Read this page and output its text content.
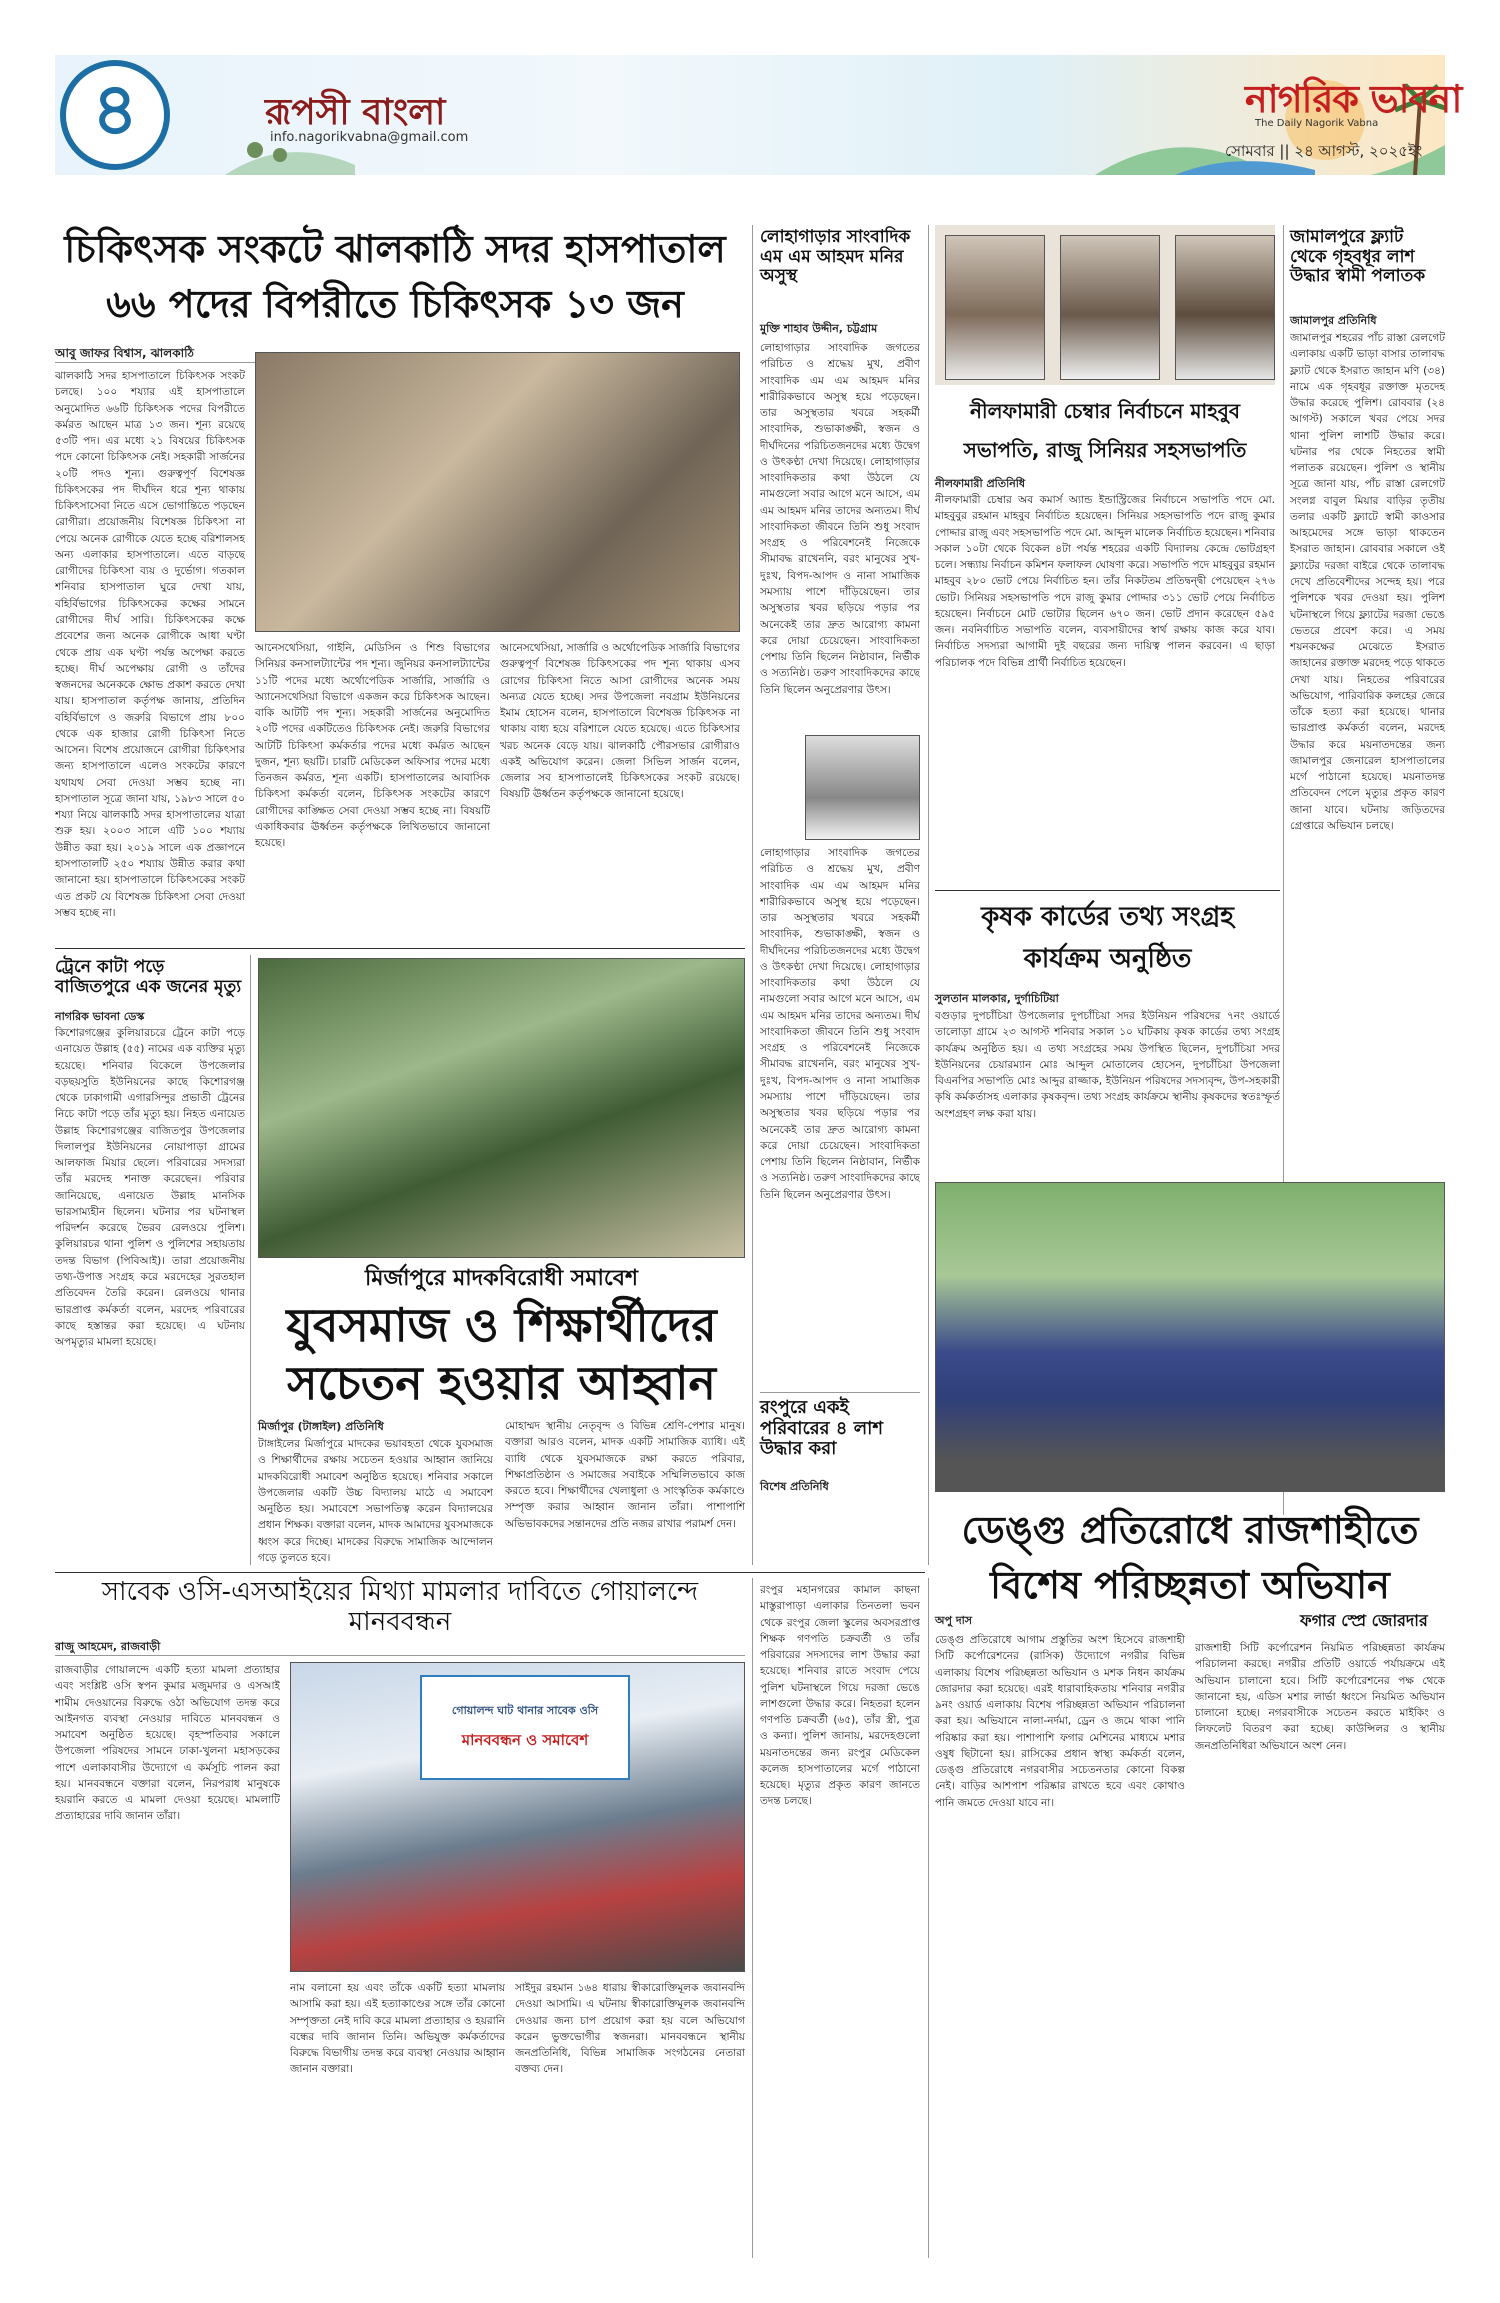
৪	রূপসী বাংলা
info.nagorikvabna@gmail.com
নাগরিক ভাবনা
The Daily Nagorik Vabna
সোমবার || ২৪ আগস্ট, ২০২৫ইং
চিকিৎসক সংকটে ঝালকাঠি সদর হাসপাতাল
৬৬ পদের বিপরীতে চিকিৎসক ১৩ জন
আবু জাফর বিশ্বাস, ঝালকাঠি
ঝালকাঠি সদর হাসপাতালে চিকিৎসক সংকট চলছে। ১০০ শয্যার এই হাসপাতালে অনুমোদিত ৬৬টি চিকিৎসক পদের বিপরীতে কর্মরত আছেন মাত্র ১৩ জন। শূন্য রয়েছে ৫৩টি পদ। এর মধ্যে ২১ বিষয়ের চিকিৎসক পদে কোনো চিকিৎসক নেই। সহকারী সার্জনের ২০টি পদও শূন্য। গুরুত্বপূর্ণ বিশেষজ্ঞ চিকিৎসকের পদ দীর্ঘদিন ধরে শূন্য থাকায় চিকিৎসাসেবা নিতে এসে ভোগান্তিতে পড়ছেন রোগীরা। প্রয়োজনীয় বিশেষজ্ঞ চিকিৎসা না পেয়ে অনেক রোগীকে যেতে হচ্ছে বরিশালসহ অন্য এলাকার হাসপাতালে। এতে বাড়ছে রোগীদের চিকিৎসা ব্যয় ও দুর্ভোগ। গতকাল শনিবার হাসপাতাল ঘুরে দেখা যায়, বহির্বিভাগের চিকিৎসকের কক্ষের সামনে রোগীদের দীর্ঘ সারি। চিকিৎসকের কক্ষে প্রবেশের জন্য অনেক রোগীকে আধা ঘণ্টা থেকে প্রায় এক ঘণ্টা পর্যন্ত অপেক্ষা করতে হচ্ছে। দীর্ঘ অপেক্ষায় রোগী ও তাঁদের স্বজনদের অনেককে ক্ষোভ প্রকাশ করতে দেখা যায়। হাসপাতাল কর্তৃপক্ষ জানায়, প্রতিদিন বহির্বিভাগে ও জরুরি বিভাগে প্রায় ৮০০ থেকে এক হাজার রোগী চিকিৎসা নিতে আসেন। বিশেষ প্রয়োজনে রোগীরা চিকিৎসার জন্য হাসপাতালে এলেও সংকটের কারণে যথাযথ সেবা দেওয়া সম্ভব হচ্ছে না। হাসপাতাল সূত্রে জানা যায়, ১৯৮৩ সালে ৫০ শয্যা নিয়ে ঝালকাঠি সদর হাসপাতালের যাত্রা শুরু হয়। ২০০৩ সালে এটি ১০০ শয্যায় উন্নীত করা হয়। ২০১৯ সালে এক প্রজ্ঞাপনে হাসপাতালটি ২৫০ শয্যায় উন্নীত করার কথা জানানো হয়। হাসপাতালে চিকিৎসকের সংকট এত প্রকট যে বিশেষজ্ঞ চিকিৎসা সেবা দেওয়া সম্ভব হচ্ছে না।
আনেসথেসিয়া, গাইনি, মেডিসিন ও শিশু বিভাগের সিনিয়র কনসালট্যান্টের পদ শূন্য। জুনিয়র কনসালট্যান্টের ১১টি পদের মধ্যে অর্থোপেডিক সার্জারি, সার্জারি ও অ্যানেসথেসিয়া বিভাগে একজন করে চিকিৎসক আছেন। বাকি আটটি পদ শূন্য। সহকারী সার্জনের অনুমোদিত ২০টি পদের একটিতেও চিকিৎসক নেই। জরুরি বিভাগের আটটি চিকিৎসা কর্মকর্তার পদের মধ্যে কর্মরত আছেন দুজন, শূন্য ছয়টি। চারটি মেডিকেল অফিসার পদের মধ্যে তিনজন কর্মরত, শূন্য একটি। হাসপাতালের আবাসিক চিকিৎসা কর্মকর্তা বলেন, চিকিৎসক সংকটের কারণে রোগীদের কাঙ্ক্ষিত সেবা দেওয়া সম্ভব হচ্ছে না। বিষয়টি একাধিকবার ঊর্ধ্বতন কর্তৃপক্ষকে লিখিতভাবে জানানো হয়েছে।
আনেসথেসিয়া, সার্জারি ও অর্থোপেডিক সার্জারি বিভাগের গুরুত্বপূর্ণ বিশেষজ্ঞ চিকিৎসকের পদ শূন্য থাকায় এসব রোগের চিকিৎসা নিতে আসা রোগীদের অনেক সময় অন্যত্র যেতে হচ্ছে। সদর উপজেলা নবগ্রাম ইউনিয়নের ইমাম হোসেন বলেন, হাসপাতালে বিশেষজ্ঞ চিকিৎসক না থাকায় বাধ্য হয়ে বরিশালে যেতে হয়েছে। এতে চিকিৎসার খরচ অনেক বেড়ে যায়। ঝালকাঠি পৌরসভার রোগীরাও একই অভিযোগ করেন। জেলা সিভিল সার্জন বলেন, জেলার সব হাসপাতালেই চিকিৎসকের সংকট রয়েছে। বিষয়টি ঊর্ধ্বতন কর্তৃপক্ষকে জানানো হয়েছে।
ট্রেনে কাটা পড়ে বাজিতপুরে এক জনের মৃত্যু
নাগরিক ভাবনা ডেস্ক
কিশোরগঞ্জের কুলিয়ারচরে ট্রেনে কাটা পড়ে এনায়েত উল্লাহ (৫৫) নামের এক ব্যক্তির মৃত্যু হয়েছে। শনিবার বিকেলে উপজেলার বড়ছয়সুতি ইউনিয়নের কাছে কিশোরগঞ্জ থেকে ঢাকাগামী এগারসিন্দুর প্রভাতী ট্রেনের নিচে কাটা পড়ে তাঁর মৃত্যু হয়। নিহত এনায়েত উল্লাহ কিশোরগঞ্জের বাজিতপুর উপজেলার দিলালপুর ইউনিয়নের নোয়াপাড়া গ্রামের আলফাজ মিয়ার ছেলে। পরিবারের সদস্যরা তাঁর মরদেহ শনাক্ত করেছেন। পরিবার জানিয়েছে, এনায়েত উল্লাহ মানসিক ভারসাম্যহীন ছিলেন। ঘটনার পর ঘটনাস্থল পরিদর্শন করেছে ভৈরব রেলওয়ে পুলিশ। কুলিয়ারচর থানা পুলিশ ও পুলিশের সহায়তায় তদন্ত বিভাগ (পিবিআই)। তারা প্রয়োজনীয় তথ্য-উপাত্ত সংগ্রহ করে মরদেহের সুরতহাল প্রতিবেদন তৈরি করেন। রেলওয়ে থানার ভারপ্রাপ্ত কর্মকর্তা বলেন, মরদেহ পরিবারের কাছে হস্তান্তর করা হয়েছে। এ ঘটনায় অপমৃত্যুর মামলা হয়েছে।
মির্জাপুরে মাদকবিরোধী সমাবেশ
যুবসমাজ ও শিক্ষার্থীদের
সচেতন হওয়ার আহ্বান
মির্জাপুর (টাঙ্গাইল) প্রতিনিধি
টাঙ্গাইলের মির্জাপুরে মাদকের ভয়াবহতা থেকে যুবসমাজ ও শিক্ষার্থীদের রক্ষায় সচেতন হওয়ার আহ্বান জানিয়ে মাদকবিরোধী সমাবেশ অনুষ্ঠিত হয়েছে। শনিবার সকালে উপজেলার একটি উচ্চ বিদ্যালয় মাঠে এ সমাবেশ অনুষ্ঠিত হয়। সমাবেশে সভাপতিত্ব করেন বিদ্যালয়ের প্রধান শিক্ষক। বক্তারা বলেন, মাদক আমাদের যুবসমাজকে ধ্বংস করে দিচ্ছে। মাদকের বিরুদ্ধে সামাজিক আন্দোলন গড়ে তুলতে হবে।
মোহাম্মদ স্থানীয় নেতৃবৃন্দ ও বিভিন্ন শ্রেণি-পেশার মানুষ। বক্তারা আরও বলেন, মাদক একটি সামাজিক ব্যাধি। এই ব্যাধি থেকে যুবসমাজকে রক্ষা করতে পরিবার, শিক্ষাপ্রতিষ্ঠান ও সমাজের সবাইকে সম্মিলিতভাবে কাজ করতে হবে। শিক্ষার্থীদের খেলাধুলা ও সাংস্কৃতিক কর্মকাণ্ডে সম্পৃক্ত করার আহ্বান জানান তাঁরা। পাশাপাশি অভিভাবকদের সন্তানদের প্রতি নজর রাখার পরামর্শ দেন।
লোহাগাড়ার সাংবাদিক এম এম আহমদ মনির অসুস্থ
মুক্তি শাহাব উদ্দীন, চট্টগ্রাম
লোহাগাড়ার সাংবাদিক জগতের পরিচিত ও শ্রদ্ধেয় মুখ, প্রবীণ সাংবাদিক এম এম আহমদ মনির শারীরিকভাবে অসুস্থ হয়ে পড়েছেন। তার অসুস্থতার খবরে সহকর্মী সাংবাদিক, শুভাকাঙ্ক্ষী, স্বজন ও দীর্ঘদিনের পরিচিতজনদের মধ্যে উদ্বেগ ও উৎকণ্ঠা দেখা দিয়েছে। লোহাগাড়ার সাংবাদিকতার কথা উঠলে যে নামগুলো সবার আগে মনে আসে, এম এম আহমদ মনির তাদের অন্যতম। দীর্ঘ সাংবাদিকতা জীবনে তিনি শুধু সংবাদ সংগ্রহ ও পরিবেশনেই নিজেকে সীমাবদ্ধ রাখেননি, বরং মানুষের সুখ-দুঃখ, বিপদ-আপদ ও নানা সামাজিক সমস্যায় পাশে দাঁড়িয়েছেন। তার অসুস্থতার খবর ছড়িয়ে পড়ার পর অনেকেই তার দ্রুত আরোগ্য কামনা করে দোয়া চেয়েছেন। সাংবাদিকতা পেশায় তিনি ছিলেন নিষ্ঠাবান, নির্ভীক ও সত্যনিষ্ঠ। তরুণ সাংবাদিকদের কাছে তিনি ছিলেন অনুপ্রেরণার উৎস।
লোহাগাড়ার সাংবাদিক জগতের পরিচিত ও শ্রদ্ধেয় মুখ, প্রবীণ সাংবাদিক এম এম আহমদ মনির শারীরিকভাবে অসুস্থ হয়ে পড়েছেন। তার অসুস্থতার খবরে সহকর্মী সাংবাদিক, শুভাকাঙ্ক্ষী, স্বজন ও দীর্ঘদিনের পরিচিতজনদের মধ্যে উদ্বেগ ও উৎকণ্ঠা দেখা দিয়েছে। লোহাগাড়ার সাংবাদিকতার কথা উঠলে যে নামগুলো সবার আগে মনে আসে, এম এম আহমদ মনির তাদের অন্যতম। দীর্ঘ সাংবাদিকতা জীবনে তিনি শুধু সংবাদ সংগ্রহ ও পরিবেশনেই নিজেকে সীমাবদ্ধ রাখেননি, বরং মানুষের সুখ-দুঃখ, বিপদ-আপদ ও নানা সামাজিক সমস্যায় পাশে দাঁড়িয়েছেন। তার অসুস্থতার খবর ছড়িয়ে পড়ার পর অনেকেই তার দ্রুত আরোগ্য কামনা করে দোয়া চেয়েছেন। সাংবাদিকতা পেশায় তিনি ছিলেন নিষ্ঠাবান, নির্ভীক ও সত্যনিষ্ঠ। তরুণ সাংবাদিকদের কাছে তিনি ছিলেন অনুপ্রেরণার উৎস।
রংপুরে একই পরিবারের ৪ লাশ উদ্ধার করা
বিশেষ প্রতিনিধি
নীলফামারী চেম্বার নির্বাচনে মাহবুব
সভাপতি, রাজু সিনিয়র সহসভাপতি
নীলফামারী প্রতিনিধি
নীলফামারী চেম্বার অব কমার্স অ্যান্ড ইন্ডাস্ট্রিজের নির্বাচনে সভাপতি পদে মো. মাহবুবুর রহমান মাহবুব নির্বাচিত হয়েছেন। সিনিয়র সহসভাপতি পদে রাজু কুমার পোদ্দার রাজু এবং সহসভাপতি পদে মো. আব্দুল মালেক নির্বাচিত হয়েছেন। শনিবার সকাল ১০টা থেকে বিকেল ৪টা পর্যন্ত শহরের একটি বিদ্যালয় কেন্দ্রে ভোটগ্রহণ চলে। সন্ধ্যায় নির্বাচন কমিশন ফলাফল ঘোষণা করে। সভাপতি পদে মাহবুবুর রহমান মাহবুব ২৮০ ভোট পেয়ে নির্বাচিত হন। তাঁর নিকটতম প্রতিদ্বন্দ্বী পেয়েছেন ২৭৬ ভোট। সিনিয়র সহসভাপতি পদে রাজু কুমার পোদ্দার ৩১১ ভোট পেয়ে নির্বাচিত হয়েছেন। নির্বাচনে মোট ভোটার ছিলেন ৬৭০ জন। ভোট প্রদান করেছেন ৫৯৫ জন। নবনির্বাচিত সভাপতি বলেন, ব্যবসায়ীদের স্বার্থ রক্ষায় কাজ করে যাব। নির্বাচিত সদস্যরা আগামী দুই বছরের জন্য দায়িত্ব পালন করবেন। এ ছাড়া পরিচালক পদে বিভিন্ন প্রার্থী নির্বাচিত হয়েছেন।
জামালপুরে ফ্ল্যাট থেকে গৃহবধূর লাশ উদ্ধার স্বামী পলাতক
জামালপুর প্রতিনিধি
জামালপুর শহরের পাঁচ রাস্তা রেলগেট এলাকায় একটি ভাড়া বাসার তালাবদ্ধ ফ্ল্যাট থেকে ইসরাত জাহান মণি (৩৪) নামে এক গৃহবধূর রক্তাক্ত মৃতদেহ উদ্ধার করেছে পুলিশ। রোববার (২৪ আগস্ট) সকালে খবর পেয়ে সদর থানা পুলিশ লাশটি উদ্ধার করে। ঘটনার পর থেকে নিহতের স্বামী পলাতক রয়েছেন। পুলিশ ও স্থানীয় সূত্রে জানা যায়, পাঁচ রাস্তা রেলগেট সংলগ্ন বাবুল মিয়ার বাড়ির তৃতীয় তলার একটি ফ্ল্যাটে স্বামী কাওসার আহমেদের সঙ্গে ভাড়া থাকতেন ইসরাত জাহান। রোববার সকালে ওই ফ্ল্যাটের দরজা বাইরে থেকে তালাবদ্ধ দেখে প্রতিবেশীদের সন্দেহ হয়। পরে পুলিশকে খবর দেওয়া হয়। পুলিশ ঘটনাস্থলে গিয়ে ফ্ল্যাটের দরজা ভেঙে ভেতরে প্রবেশ করে। এ সময় শয়নকক্ষের মেঝেতে ইসরাত জাহানের রক্তাক্ত মরদেহ পড়ে থাকতে দেখা যায়। নিহতের পরিবারের অভিযোগ, পারিবারিক কলহের জেরে তাঁকে হত্যা করা হয়েছে। থানার ভারপ্রাপ্ত কর্মকর্তা বলেন, মরদেহ উদ্ধার করে ময়নাতদন্তের জন্য জামালপুর জেনারেল হাসপাতালের মর্গে পাঠানো হয়েছে। ময়নাতদন্ত প্রতিবেদন পেলে মৃত্যুর প্রকৃত কারণ জানা যাবে। ঘটনায় জড়িতদের গ্রেপ্তারে অভিযান চলছে।
কৃষক কার্ডের তথ্য সংগ্রহ
কার্যক্রম অনুষ্ঠিত
সুলতান মালকার, দুর্গাচিটিয়া
বগুড়ার দুপচাঁচিয়া উপজেলার দুপচাঁচিয়া সদর ইউনিয়ন পরিষদের ৭নং ওয়ার্ডে তালোড়া গ্রামে ২৩ আগস্ট শনিবার সকাল ১০ ঘটিকায় কৃষক কার্ডের তথ্য সংগ্রহ কার্যক্রম অনুষ্ঠিত হয়। এ তথ্য সংগ্রহের সময় উপস্থিত ছিলেন, দুপচাঁচিয়া সদর ইউনিয়নের চেয়ারম্যান মোঃ আব্দুল মোতালেব হোসেন, দুপচাঁচিয়া উপজেলা বিএনপির সভাপতি মোঃ আব্দুর রাজ্জাক, ইউনিয়ন পরিষদের সদস্যবৃন্দ, উপ-সহকারী কৃষি কর্মকর্তাসহ এলাকার কৃষকবৃন্দ। তথ্য সংগ্রহ কার্যক্রমে স্থানীয় কৃষকদের স্বতঃস্ফূর্ত অংশগ্রহণ লক্ষ করা যায়।
ডেঙ্গু প্রতিরোধে রাজশাহীতে
বিশেষ পরিচ্ছন্নতা অভিযান
ফগার স্প্রে জোরদার
সাবেক ওসি-এসআইয়ের মিথ্যা মামলার দাবিতে গোয়ালন্দে মানববন্ধন
রাজু আহমেদ, রাজবাড়ী
রাজবাড়ীর গোয়ালন্দে একটি হত্যা মামলা প্রত্যাহার এবং সংশ্লিষ্ট ওসি স্বপন কুমার মজুমদার ও এসআই শামীম দেওয়ানের বিরুদ্ধে ওঠা অভিযোগ তদন্ত করে আইনগত ব্যবস্থা নেওয়ার দাবিতে মানববন্ধন ও সমাবেশ অনুষ্ঠিত হয়েছে। বৃহস্পতিবার সকালে উপজেলা পরিষদের সামনে ঢাকা-খুলনা মহাসড়কের পাশে এলাকাবাসীর উদ্যোগে এ কর্মসূচি পালন করা হয়। মানববন্ধনে বক্তারা বলেন, নিরপরাধ মানুষকে হয়রানি করতে এ মামলা দেওয়া হয়েছে। মামলাটি প্রত্যাহারের দাবি জানান তাঁরা।
গোয়ালন্দ ঘাট থানার সাবেক ওসি
মানববন্ধন ও সমাবেশ
নাম বলানো হয় এবং তাঁকে একটি হত্যা মামলায় আসামি করা হয়। এই হত্যাকাণ্ডের সঙ্গে তাঁর কোনো সম্পৃক্ততা নেই দাবি করে মামলা প্রত্যাহার ও হয়রানি বন্ধের দাবি জানান তিনি। অভিযুক্ত কর্মকর্তাদের বিরুদ্ধে বিভাগীয় তদন্ত করে ব্যবস্থা নেওয়ার আহ্বান জানান বক্তারা।
সাইদুর রহমান ১৬৪ ধারায় স্বীকারোক্তিমূলক জবানবন্দি দেওয়া আসামি। এ ঘটনায় স্বীকারোক্তিমূলক জবানবন্দি দেওয়ার জন্য চাপ প্রয়োগ করা হয় বলে অভিযোগ করেন ভুক্তভোগীর স্বজনরা। মানববন্ধনে স্থানীয় জনপ্রতিনিধি, বিভিন্ন সামাজিক সংগঠনের নেতারা বক্তব্য দেন।
রংপুর মহানগরের কামাল কাছনা মাস্তুরাপাড়া এলাকার তিনতলা ভবন থেকে রংপুর জেলা স্কুলের অবসরপ্রাপ্ত শিক্ষক গণপতি চক্রবর্তী ও তাঁর পরিবারের সদস্যদের লাশ উদ্ধার করা হয়েছে। শনিবার রাতে সংবাদ পেয়ে পুলিশ ঘটনাস্থলে গিয়ে দরজা ভেঙে লাশগুলো উদ্ধার করে। নিহতরা হলেন গণপতি চক্রবর্তী (৬৫), তাঁর স্ত্রী, পুত্র ও কন্যা। পুলিশ জানায়, মরদেহগুলো ময়নাতদন্তের জন্য রংপুর মেডিকেল কলেজ হাসপাতালের মর্গে পাঠানো হয়েছে। মৃত্যুর প্রকৃত কারণ জানতে তদন্ত চলছে।
অপু দাস
ডেঙ্গু প্রতিরোধে আগাম প্রস্তুতির অংশ হিসেবে রাজশাহী সিটি কর্পোরেশনের (রাসিক) উদ্যোগে নগরীর বিভিন্ন এলাকায় বিশেষ পরিচ্ছন্নতা অভিযান ও মশক নিধন কার্যক্রম জোরদার করা হয়েছে। এরই ধারাবাহিকতায় শনিবার নগরীর ৯নং ওয়ার্ড এলাকায় বিশেষ পরিচ্ছন্নতা অভিযান পরিচালনা করা হয়। অভিযানে নালা-নর্দমা, ড্রেন ও জমে থাকা পানি পরিষ্কার করা হয়। পাশাপাশি ফগার মেশিনের মাধ্যমে মশার ওষুধ ছিটানো হয়। রাসিকের প্রধান স্বাস্থ্য কর্মকর্তা বলেন, ডেঙ্গু প্রতিরোধে নগরবাসীর সচেতনতার কোনো বিকল্প নেই। বাড়ির আশপাশ পরিষ্কার রাখতে হবে এবং কোথাও পানি জমতে দেওয়া যাবে না।
রাজশাহী সিটি কর্পোরেশন নিয়মিত পরিচ্ছন্নতা কার্যক্রম পরিচালনা করছে। নগরীর প্রতিটি ওয়ার্ডে পর্যায়ক্রমে এই অভিযান চালানো হবে। সিটি কর্পোরেশনের পক্ষ থেকে জানানো হয়, এডিস মশার লার্ভা ধ্বংসে নিয়মিত অভিযান চালানো হচ্ছে। নগরবাসীকে সচেতন করতে মাইকিং ও লিফলেট বিতরণ করা হচ্ছে। কাউন্সিলর ও স্থানীয় জনপ্রতিনিধিরা অভিযানে অংশ নেন।
